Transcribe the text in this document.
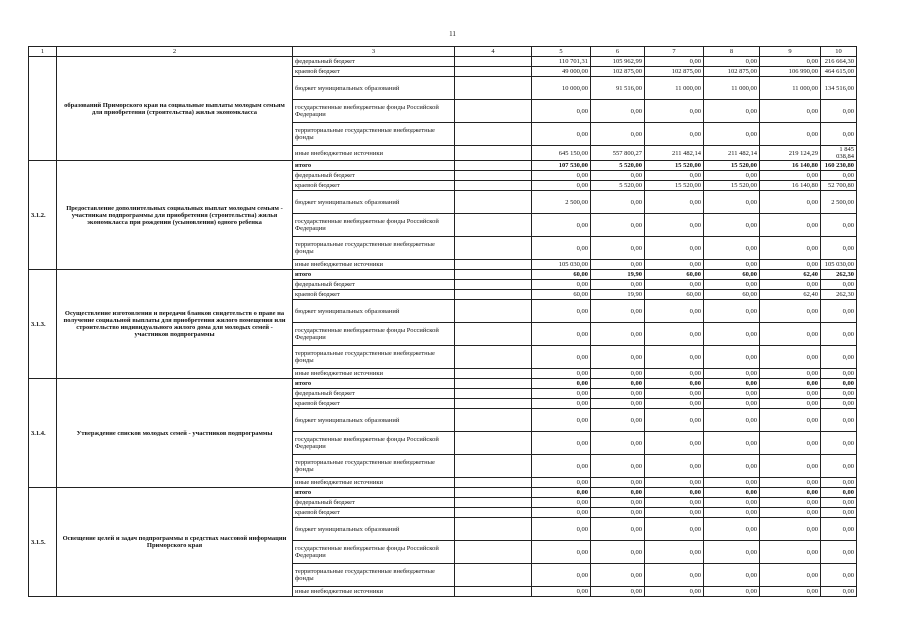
11
1	2	3	4	5	6	7	8	9	10
	образований Приморского края на социальные выплаты молодым семьям для приобретения (строительства) жилья экономкласса	федеральный бюджет		110 701,31	105 962,99	0,00	0,00	0,00	216 664,30
		краевой бюджет		49 000,00	102 875,00	102 875,00	102 875,00	106 990,00	464 615,00
		бюджет муниципальных образований		10 000,00	91 516,00	11 000,00	11 000,00	11 000,00	134 516,00
		государственные внебюджетные фонды Российской Федерации		0,00	0,00	0,00	0,00	0,00	0,00
		территориальные государственные внебюджетные фонды		0,00	0,00	0,00	0,00	0,00	0,00
		иные внебюджетные источники		645 150,00	557 800,27	211 482,14	211 482,14	219 124,29	1 845 038,84
3.1.2.	Предоставление дополнительных социальных выплат молодым семьям - участникам подпрограммы для приобретения (строительства) жилья экономкласса при рождении (усыновлении) одного ребенка	итого		107 530,00	5 520,00	15 520,00	15 520,00	16 140,80	160 230,80
		федеральный бюджет		0,00	0,00	0,00	0,00	0,00	0,00
		краевой бюджет		0,00	5 520,00	15 520,00	15 520,00	16 140,80	52 700,80
		бюджет муниципальных образований		2 500,00	0,00	0,00	0,00	0,00	2 500,00
		государственные внебюджетные фонды Российской Федерации		0,00	0,00	0,00	0,00	0,00	0,00
		территориальные государственные внебюджетные фонды		0,00	0,00	0,00	0,00	0,00	0,00
		иные внебюджетные источники		105 030,00	0,00	0,00	0,00	0,00	105 030,00
3.1.3.	Осуществление изготовления и передачи бланков свидетельств о праве на получение социальной выплаты для приобретения жилого помещения или строительство индивидуального жилого дома для молодых семей - участников подпрограммы	итого		60,00	19,90	60,00	60,00	62,40	262,30
		федеральный бюджет		0,00	0,00	0,00	0,00	0,00	0,00
		краевой бюджет		60,00	19,90	60,00	60,00	62,40	262,30
		бюджет муниципальных образований		0,00	0,00	0,00	0,00	0,00	0,00
		государственные внебюджетные фонды Российской Федерации		0,00	0,00	0,00	0,00	0,00	0,00
		территориальные государственные внебюджетные фонды		0,00	0,00	0,00	0,00	0,00	0,00
		иные внебюджетные источники		0,00	0,00	0,00	0,00	0,00	0,00
3.1.4.	Утверждение списков молодых семей - участников подпрограммы	итого		0,00	0,00	0,00	0,00	0,00	0,00
		федеральный бюджет		0,00	0,00	0,00	0,00	0,00	0,00
		краевой бюджет		0,00	0,00	0,00	0,00	0,00	0,00
		бюджет муниципальных образований		0,00	0,00	0,00	0,00	0,00	0,00
		государственные внебюджетные фонды Российской Федерации		0,00	0,00	0,00	0,00	0,00	0,00
		территориальные государственные внебюджетные фонды		0,00	0,00	0,00	0,00	0,00	0,00
		иные внебюджетные источники		0,00	0,00	0,00	0,00	0,00	0,00
3.1.5.	Освещение целей и задач подпрограммы в средствах массовой информации Приморского края	итого		0,00	0,00	0,00	0,00	0,00	0,00
		федеральный бюджет		0,00	0,00	0,00	0,00	0,00	0,00
		краевой бюджет		0,00	0,00	0,00	0,00	0,00	0,00
		бюджет муниципальных образований		0,00	0,00	0,00	0,00	0,00	0,00
		государственные внебюджетные фонды Российской Федерации		0,00	0,00	0,00	0,00	0,00	0,00
		территориальные государственные внебюджетные фонды		0,00	0,00	0,00	0,00	0,00	0,00
		иные внебюджетные источники		0,00	0,00	0,00	0,00	0,00	0,00
